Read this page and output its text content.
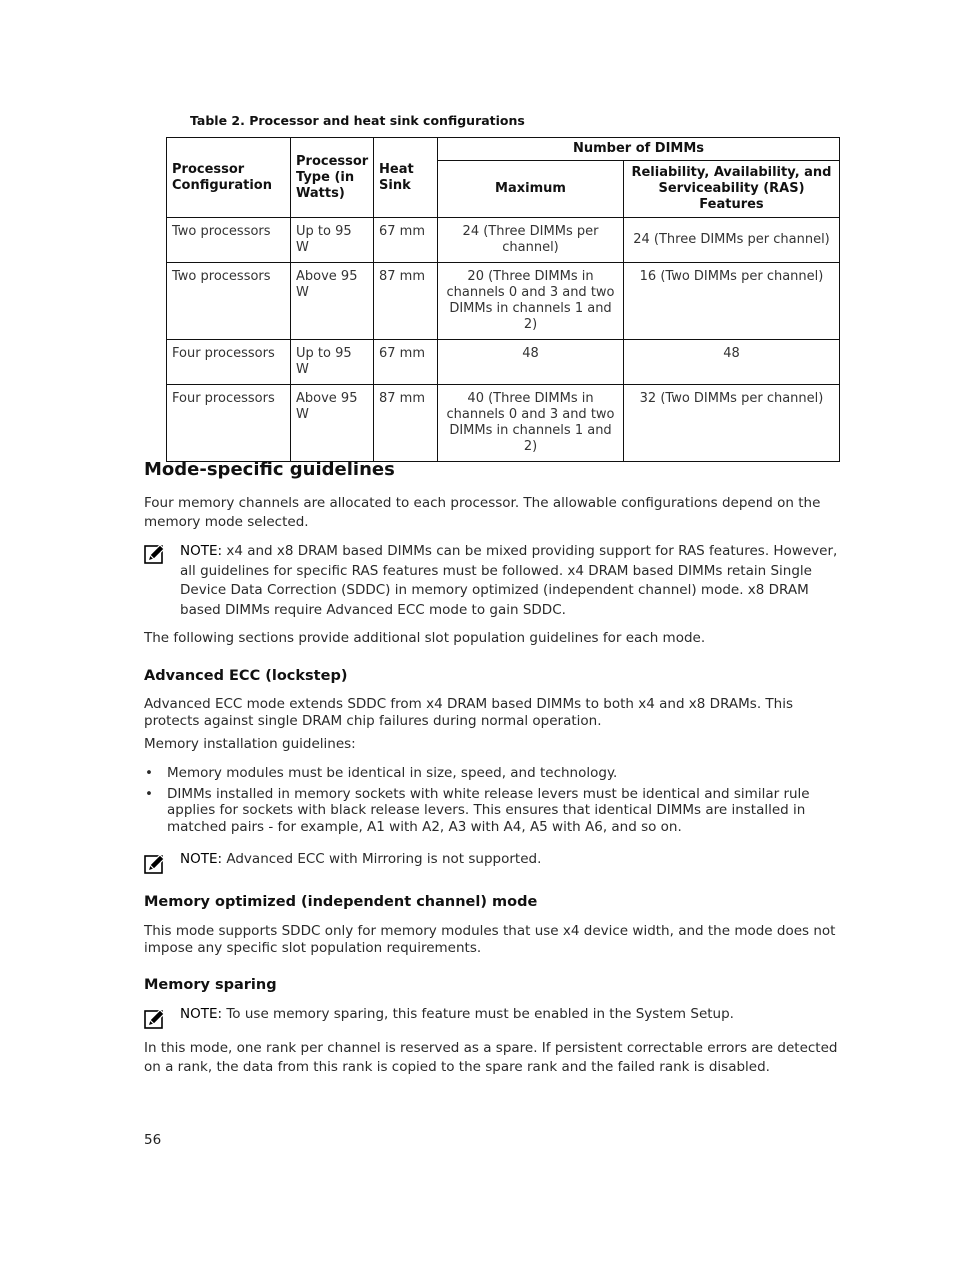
Table 2. Processor and heat sink configurations
Processor Configuration	Processor Type (in Watts)	Heat Sink	Number of DIMMs	
			Maximum	Reliability, Availability, and Serviceability (RAS) Features
Two processors	Up to 95 W	67 mm	24 (Three DIMMs per channel)	24 (Three DIMMs per channel)
Two processors	Above 95 W	87 mm	20 (Three DIMMs in channels 0 and 3 and two DIMMs in channels 1 and 2)	16 (Two DIMMs per channel)
Four processors	Up to 95 W	67 mm	48	48
Four processors	Above 95 W	87 mm	40 (Three DIMMs in channels 0 and 3 and two DIMMs in channels 1 and 2)	32 (Two DIMMs per channel)
Mode-specific guidelines

Four memory channels are allocated to each processor. The allowable configurations depend on the memory mode selected.

NOTE: x4 and x8 DRAM based DIMMs can be mixed providing support for RAS features. However, all guidelines for specific RAS features must be followed. x4 DRAM based DIMMs retain Single Device Data Correction (SDDC) in memory optimized (independent channel) mode. x8 DRAM based DIMMs require Advanced ECC mode to gain SDDC.

The following sections provide additional slot population guidelines for each mode.

Advanced ECC (lockstep)

Advanced ECC mode extends SDDC from x4 DRAM based DIMMs to both x4 and x8 DRAMs. This protects against single DRAM chip failures during normal operation.

Memory installation guidelines:

• Memory modules must be identical in size, speed, and technology.
• DIMMs installed in memory sockets with white release levers must be identical and similar rule applies for sockets with black release levers. This ensures that identical DIMMs are installed in matched pairs - for example, A1 with A2, A3 with A4, A5 with A6, and so on.
NOTE: Advanced ECC with Mirroring is not supported.
Memory optimized (independent channel) mode

This mode supports SDDC only for memory modules that use x4 device width, and the mode does not impose any specific slot population requirements.

Memory sparing
NOTE: To use memory sparing, this feature must be enabled in the System Setup.

In this mode, one rank per channel is reserved as a spare. If persistent correctable errors are detected on a rank, the data from this rank is copied to the spare rank and the failed rank is disabled.

56
